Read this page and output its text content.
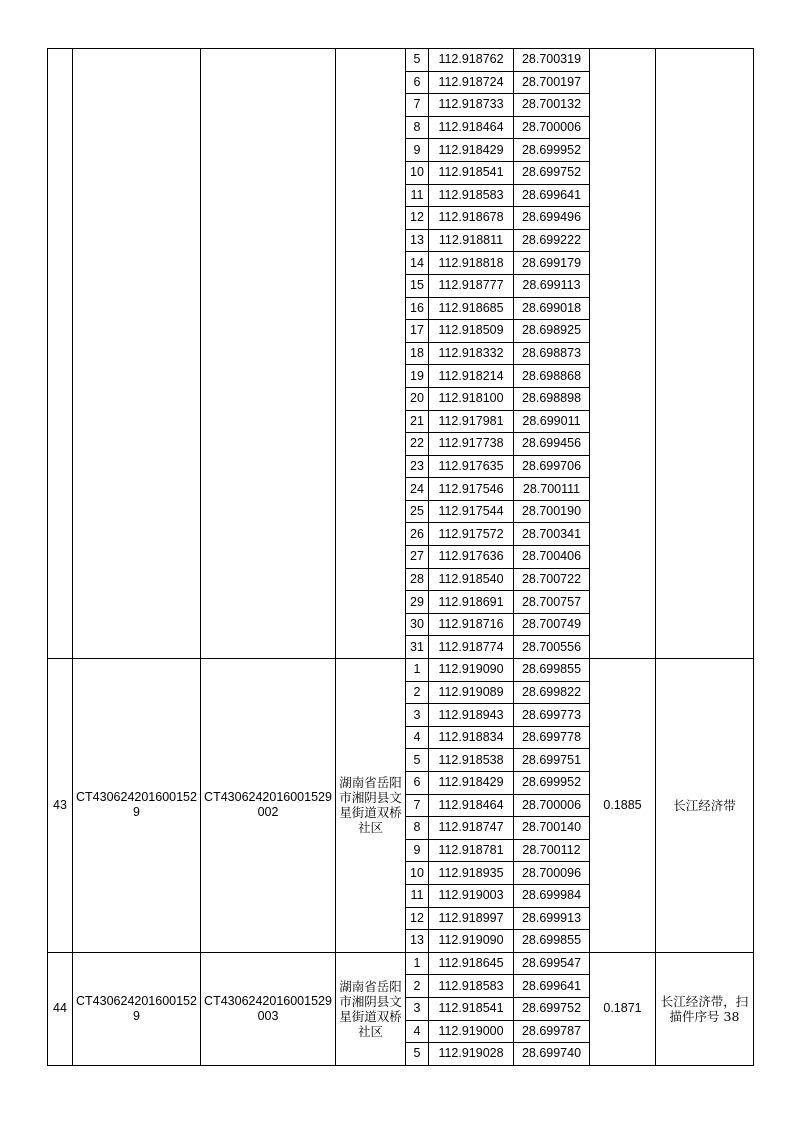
				5	112.918762	28.700319		
				6	112.918724	28.700197		
				7	112.918733	28.700132		
				8	112.918464	28.700006		
				9	112.918429	28.699952		
				10	112.918541	28.699752		
				11	112.918583	28.699641		
				12	112.918678	28.699496		
				13	112.918811	28.699222		
				14	112.918818	28.699179		
				15	112.918777	28.699113		
				16	112.918685	28.699018		
				17	112.918509	28.698925		
				18	112.918332	28.698873		
				19	112.918214	28.698868		
				20	112.918100	28.698898		
				21	112.917981	28.699011		
				22	112.917738	28.699456		
				23	112.917635	28.699706		
				24	112.917546	28.700111		
				25	112.917544	28.700190		
				26	112.917572	28.700341		
				27	112.917636	28.700406		
				28	112.918540	28.700722		
				29	112.918691	28.700757		
				30	112.918716	28.700749		
				31	112.918774	28.700556		
43	CT4306242016001529	CT4306242016001529002	湖南省岳阳市湘阴县文星街道双桥社区	1	112.919090	28.699855	0.1885	长江经济带
				2	112.919089	28.699822		
				3	112.918943	28.699773		
				4	112.918834	28.699778		
				5	112.918538	28.699751		
				6	112.918429	28.699952		
				7	112.918464	28.700006		
				8	112.918747	28.700140		
				9	112.918781	28.700112		
				10	112.918935	28.700096		
				11	112.919003	28.699984		
				12	112.918997	28.699913		
				13	112.919090	28.699855		
44	CT4306242016001529	CT4306242016001529003	湖南省岳阳市湘阴县文星街道双桥社区	1	112.918645	28.699547	0.1871	长江经济带，扫描件序号 38
				2	112.918583	28.699641		
				3	112.918541	28.699752		
				4	112.919000	28.699787		
				5	112.919028	28.699740		
